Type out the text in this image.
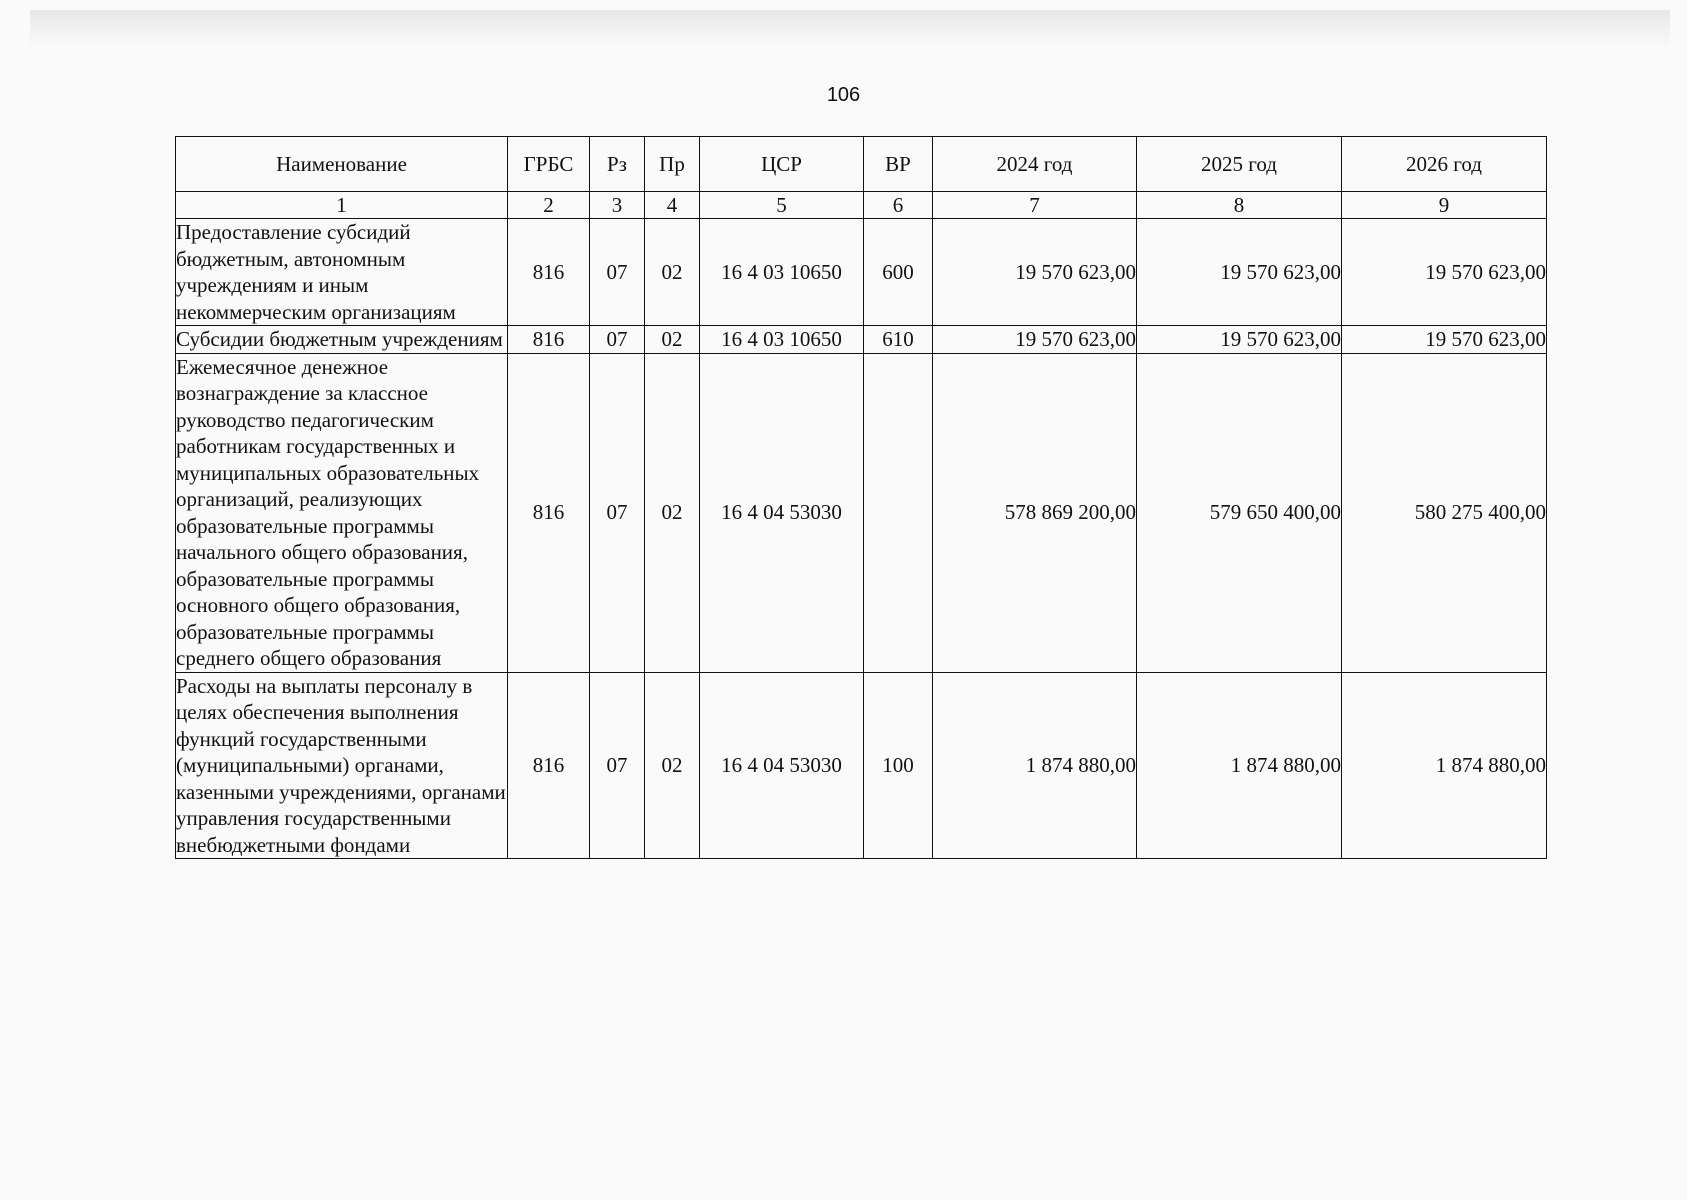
106
Наименование	ГРБС	Рз	Пр	ЦСР	ВР	2024 год	2025 год	2026 год
1	2	3	4	5	6	7	8	9
Предоставление субсидий бюджетным, автономным учреждениям и иным некоммерческим организациям	816	07	02	16 4 03 10650	600	19 570 623,00	19 570 623,00	19 570 623,00
Субсидии бюджетным учреждениям	816	07	02	16 4 03 10650	610	19 570 623,00	19 570 623,00	19 570 623,00
Ежемесячное денежное вознаграждение за классное руководство педагогическим работникам государственных и муниципальных образовательных организаций, реализующих образовательные программы начального общего образования, образовательные программы основного общего образования, образовательные программы среднего общего образования	816	07	02	16 4 04 53030		578 869 200,00	579 650 400,00	580 275 400,00
Расходы на выплаты персоналу в целях обеспечения выполнения функций государственными (муниципальными) органами, казенными учреждениями, органами управления государственными внебюджетными фондами	816	07	02	16 4 04 53030	100	1 874 880,00	1 874 880,00	1 874 880,00
